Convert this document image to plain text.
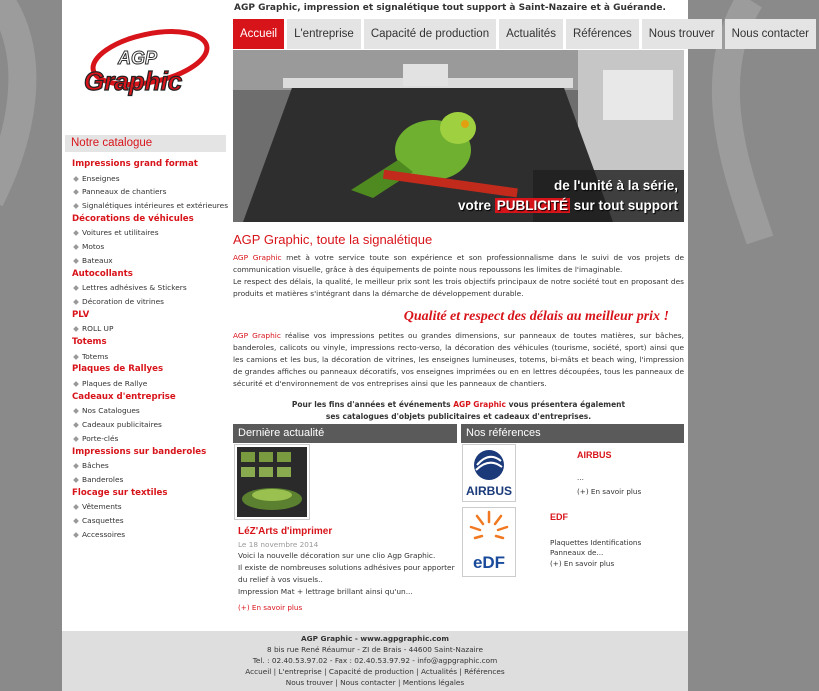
AGP Graphic, impression et signalétique tout support à Saint-Nazaire et à Guérande.
AGP
Graphic
Accueil	L'entreprise	Capacité de production	Actualités	Références	Nous trouver	Nous contacter
de l'unité à la série,
votre PUBLICITÉ sur tout support
Notre catalogue
Impressions grand format
Enseignes
Panneaux de chantiers
Signalétiques intérieures et extérieures
Décorations de véhicules
Voitures et utilitaires
Motos
Bateaux
Autocollants
Lettres adhésives & Stickers
Décoration de vitrines
PLV
ROLL UP
Totems
Totems
Plaques de Rallyes
Plaques de Rallye
Cadeaux d'entreprise
Nos Catalogues
Cadeaux publicitaires
Porte-clés
Impressions sur banderoles
Bâches
Banderoles
Flocage sur textiles
Vêtements
Casquettes
Accessoires
AGP Graphic, toute la signalétique

AGP Graphic met à votre service toute son expérience et son professionnalisme dans le suivi de vos projets de communication visuelle, grâce à des équipements de pointe nous repoussons les limites de l'imaginable.
Le respect des délais, la qualité, le meilleur prix sont les trois objectifs principaux de notre société tout en proposant des produits et matières s'intégrant dans la démarche de développement durable.

Qualité et respect des délais au meilleur prix !

AGP Graphic réalise vos impressions petites ou grandes dimensions, sur panneaux de toutes matières, sur bâches, banderoles, calicots ou vinyle, impressions recto-verso, la décoration des véhicules (tourisme, société, sport) ainsi que les camions et les bus, la décoration de vitrines, les enseignes lumineuses, totems, bi-mâts et beach wing, l'impression de grandes affiches ou panneaux décoratifs, vos enseignes imprimées ou en en lettres découpées, tous les panneaux de sécurité et d'environnement de vos entreprises ainsi que les panneaux de chantiers.

Pour les fins d'années et événements AGP Graphic vous présentera également
ses catalogues d'objets publicitaires et cadeaux d'entreprises.
Dernière actualité
LéZ'Arts d'imprimer
Le 18 novembre 2014
Voici la nouvelle décoration sur une clio Agp Graphic.
Il existe de nombreuses solutions adhésives pour apporter du relief à vos visuels..
Impression Mat + lettrage brillant ainsi qu'un...
(+) En savoir plus
Nos références
AIRBUS
AIRBUS
...
(+) En savoir plus
eDF
EDF
Plaquettes Identifications Panneaux de...
(+) En savoir plus
AGP Graphic - www.agpgraphic.com
8 bis rue René Réaumur - ZI de Brais - 44600 Saint-Nazaire
Tel. : 02.40.53.97.02 - Fax : 02.40.53.97.92 - info@agpgraphic.com
Accueil | L'entreprise | Capacité de production | Actualités | Références
Nous trouver | Nous contacter | Mentions légales
